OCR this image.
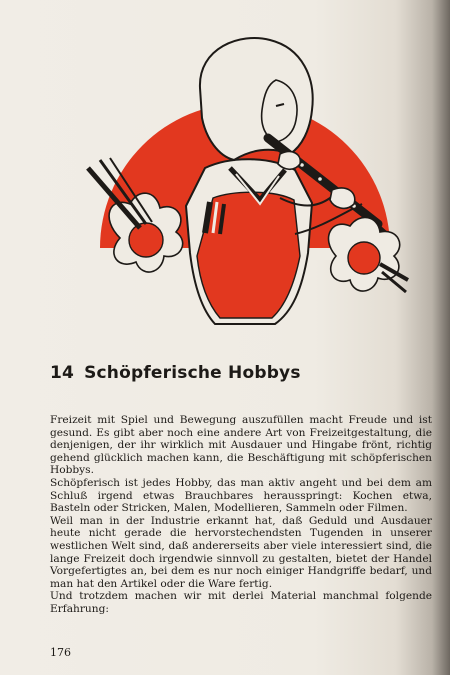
14 Schöpferische Hobbys

Freizeit mit Spiel und Bewegung auszufüllen macht Freude und ist gesund. Es gibt aber noch eine andere Art von Freizeitgestaltung, die denjenigen, der ihr wirklich mit Ausdauer und Hingabe frönt, richtig gehend glücklich machen kann, die Beschäftigung mit schöpferischen Hobbys.

Schöpferisch ist jedes Hobby, das man aktiv angeht und bei dem am Schluß irgend etwas Brauchbares herausspringt: Kochen etwa, Basteln oder Stricken, Malen, Modellieren, Sammeln oder Filmen.

Weil man in der Industrie erkannt hat, daß Geduld und Ausdauer heute nicht gerade die hervorstechendsten Tugenden in unserer westlichen Welt sind, daß andererseits aber viele interessiert sind, die lange Freizeit doch irgendwie sinnvoll zu gestalten, bietet der Handel Vorgefertigtes an, bei dem es nur noch einiger Handgriffe bedarf, und man hat den Artikel oder die Ware fertig.

Und trotzdem machen wir mit derlei Material manchmal folgende Erfahrung:

176
